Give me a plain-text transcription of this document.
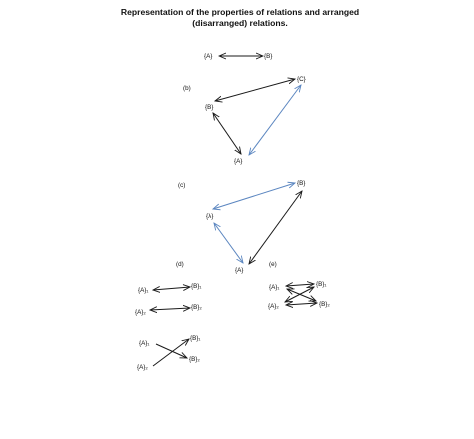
Representation of the properties of relations and arranged
(disarranged) relations.
{A}	{B}
(b)
{C}
{B}
{A}
(c)	{B}
{λ}
{A}
(d)
{A}₁
{B}₁
{A}₂
{B}₂
{A}₁
{B}₁
{A}₂
{B}₂
(e)
{A}₁	{B}₁
{A}₂	{B}₂
